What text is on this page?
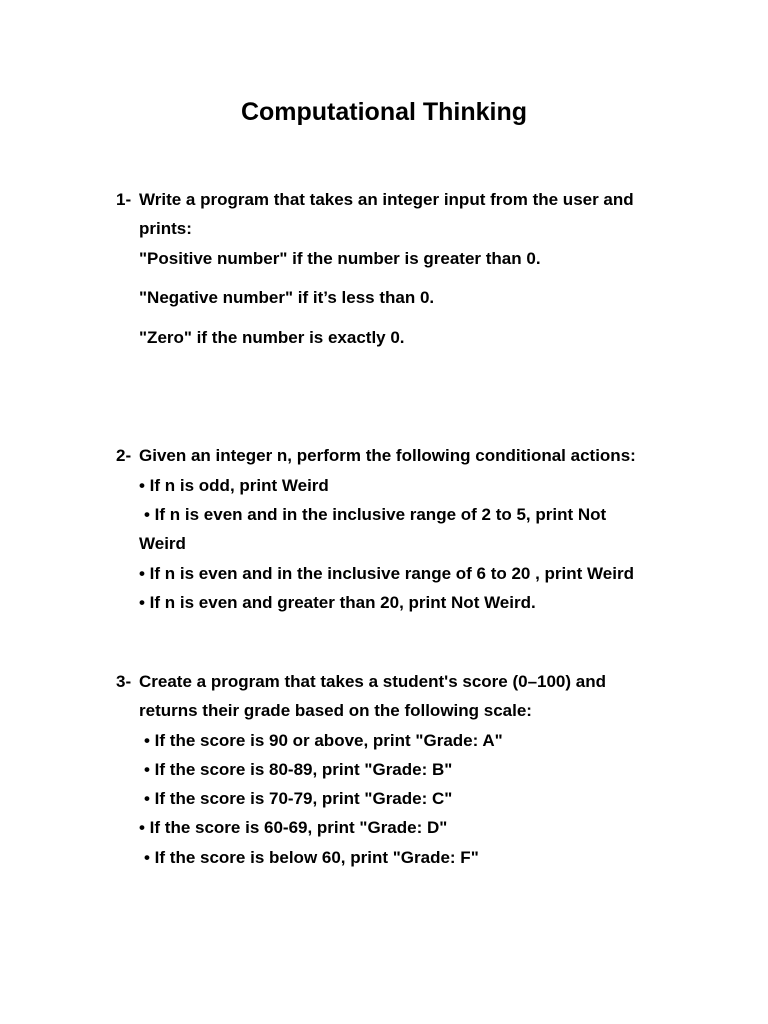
Computational Thinking
1- Write a program that takes an integer input from the user and
prints:
"Positive number" if the number is greater than 0.
"Negative number" if it’s less than 0.
"Zero" if the number is exactly 0.
2- Given an integer n, perform the following conditional actions:
• If n is odd, print Weird
• If n is even and in the inclusive range of 2 to 5, print Not
Weird
• If n is even and in the inclusive range of 6 to 20 , print Weird
• If n is even and greater than 20, print Not Weird.
3- Create a program that takes a student's score (0–100) and
returns their grade based on the following scale:
• If the score is 90 or above, print "Grade: A"
• If the score is 80-89, print "Grade: B"
• If the score is 70-79, print "Grade: C"
• If the score is 60-69, print "Grade: D"
• If the score is below 60, print "Grade: F"
